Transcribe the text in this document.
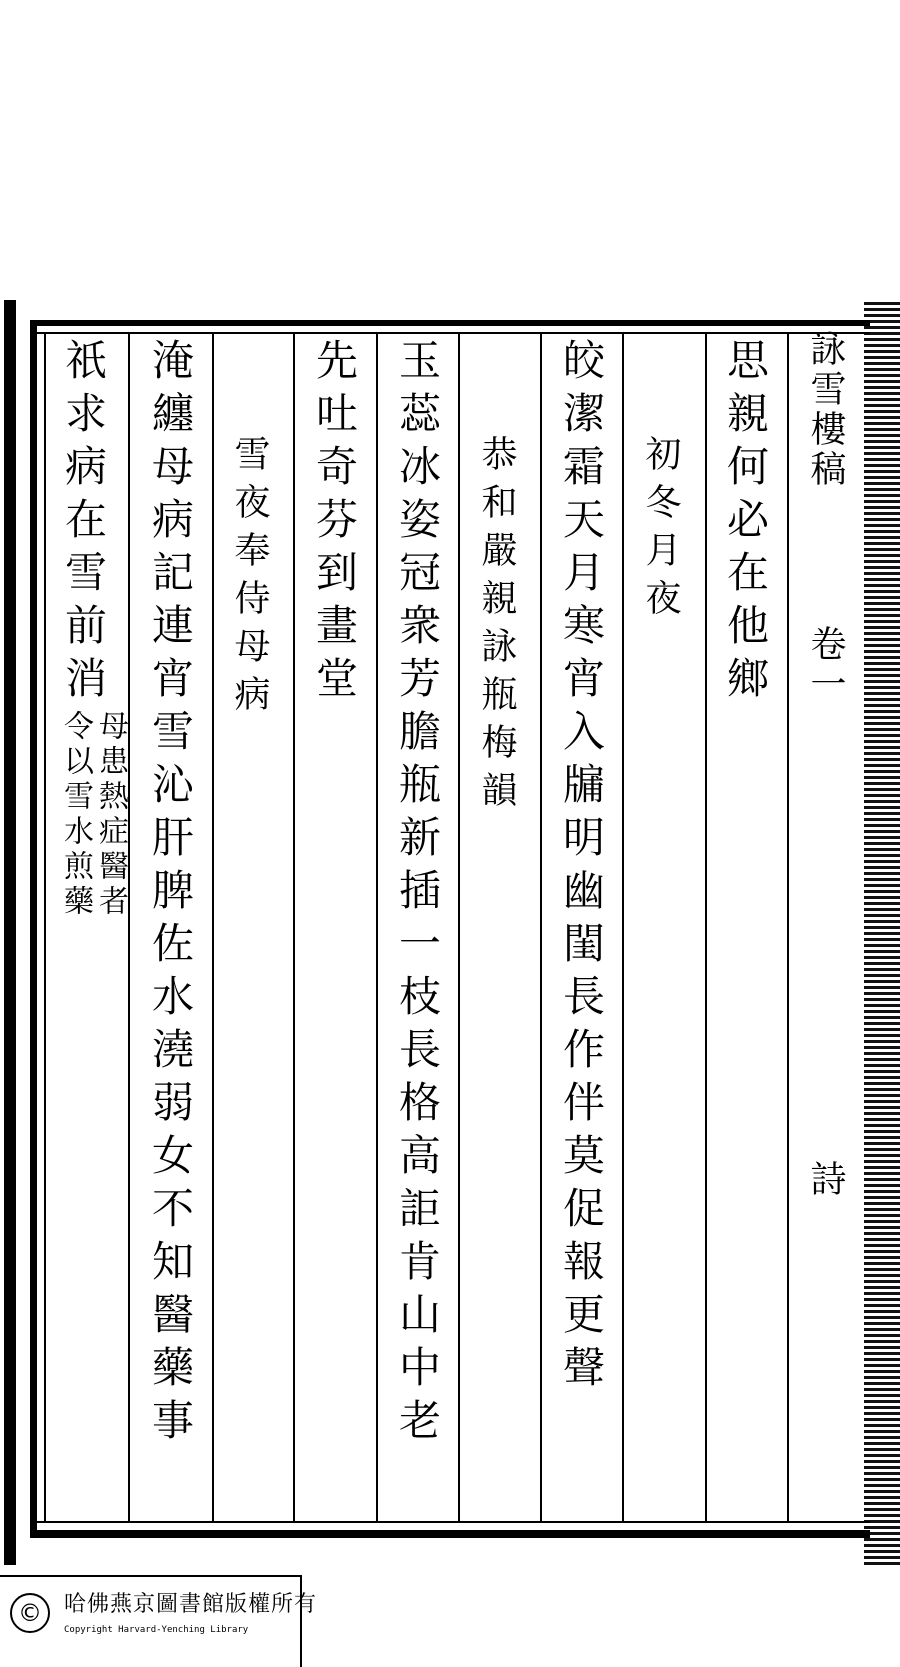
詠雪樓稿
卷一
詩
思親何必在他鄉
初冬月夜
皎潔霜天月寒宵入牖明幽閨長作伴莫促報更聲
恭和嚴親詠瓶梅韻
玉蕊冰姿冠衆芳膽瓶新插一枝長格高詎肯山中老
先吐奇芬到畫堂
雪夜奉侍母病
淹纏母病記連宵雪沁肝脾佐水澆弱女不知醫藥事
祇求病在雪前消
母患熱症醫者
令以雪水煎藥
©	哈佛燕京圖書館版權所有
Copyright Harvard-Yenching Library
